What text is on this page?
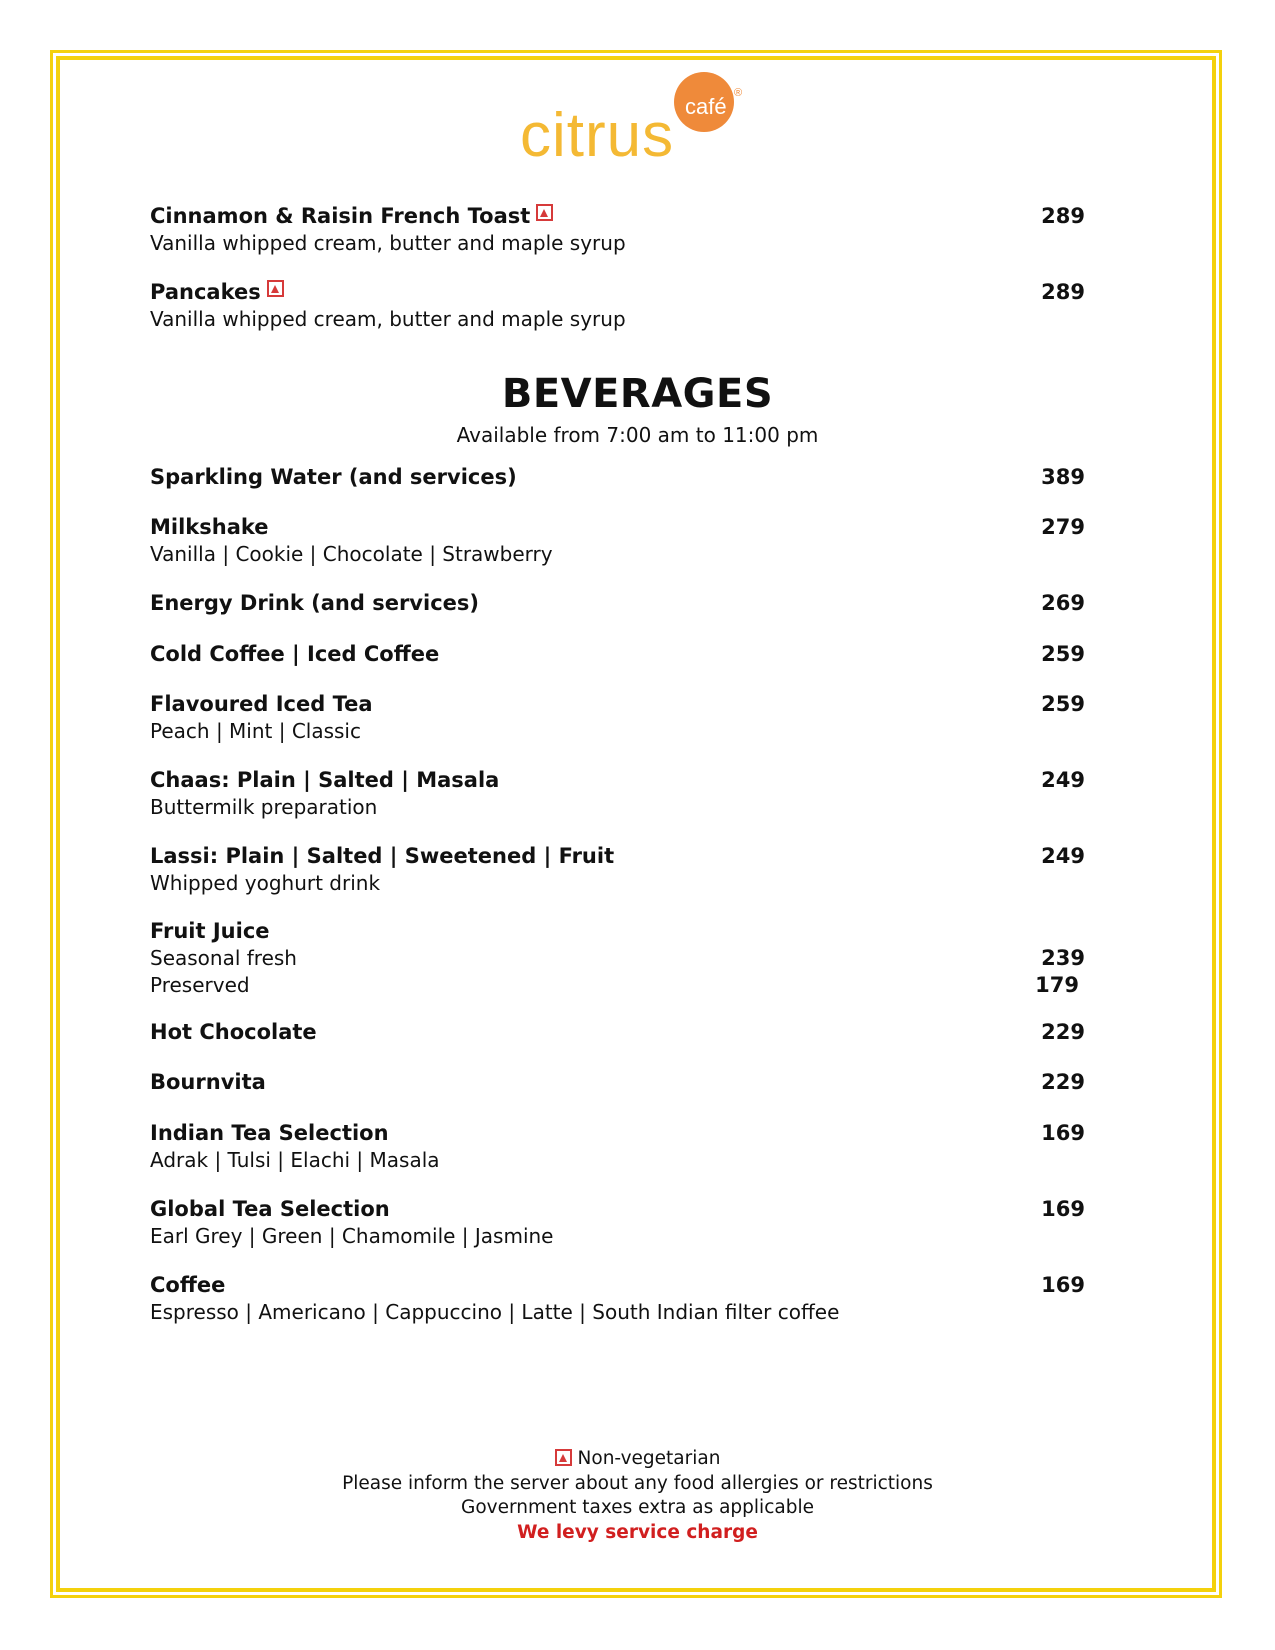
citrus café
®
Cinnamon & Raisin French Toast	289
Vanilla whipped cream, butter and maple syrup
Pancakes	289
Vanilla whipped cream, butter and maple syrup
BEVERAGES
Available from 7:00 am to 11:00 pm
Sparkling Water (and services)	389
Milkshake	279
Vanilla | Cookie | Chocolate | Strawberry
Energy Drink (and services)	269
Cold Coffee | Iced Coffee	259
Flavoured Iced Tea	259
Peach | Mint | Classic
Chaas: Plain | Salted | Masala	249
Buttermilk preparation
Lassi: Plain | Salted | Sweetened | Fruit	249
Whipped yoghurt drink
Fruit Juice
Seasonal fresh	239
Preserved	179
Hot Chocolate	229
Bournvita	229
Indian Tea Selection	169
Adrak | Tulsi | Elachi | Masala
Global Tea Selection	169
Earl Grey | Green | Chamomile | Jasmine
Coffee	169
Espresso | Americano | Cappuccino | Latte | South Indian filter coffee
Non-vegetarian
Please inform the server about any food allergies or restrictions
Government taxes extra as applicable
We levy service charge
